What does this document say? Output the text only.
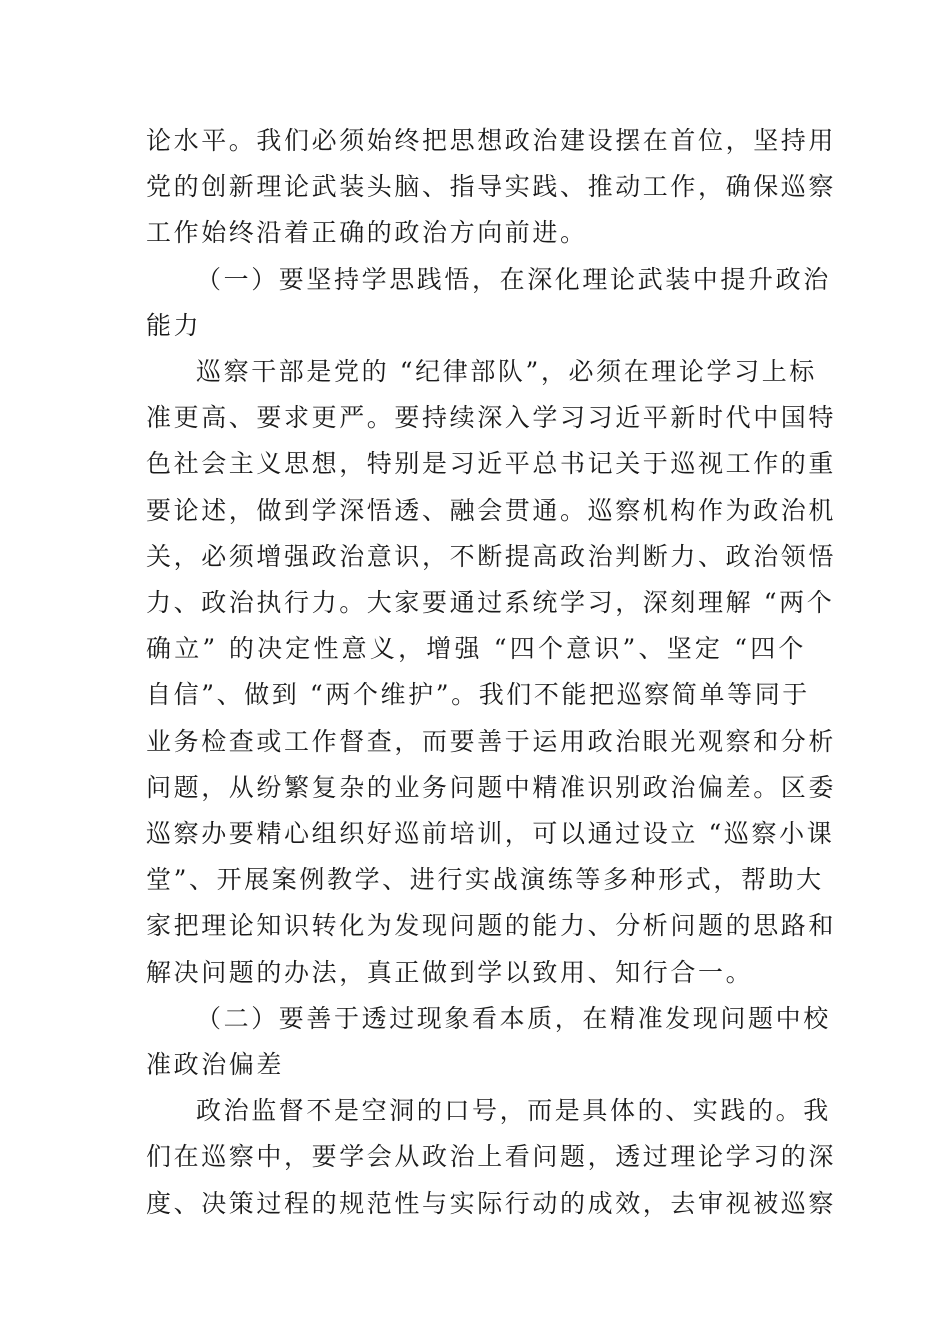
论水平。我们必须始终把思想政治建设摆在首位，坚持用
党的创新理论武装头脑、指导实践、推动工作，确保巡察
工作始终沿着正确的政治方向前进。
（一）要坚持学思践悟，在深化理论武装中提升政治
能力
巡察干部是党的 “纪律部队”，必须在理论学习上标
准更高、要求更严。要持续深入学习习近平新时代中国特
色社会主义思想，特别是习近平总书记关于巡视工作的重
要论述，做到学深悟透、融会贯通。巡察机构作为政治机
关，必须增强政治意识，不断提高政治判断力、政治领悟
力、政治执行力。大家要通过系统学习，深刻理解 “两个
确立” 的决定性意义，增强 “四个意识”、坚定 “四个
自信”、做到 “两个维护”。我们不能把巡察简单等同于
业务检查或工作督查，而要善于运用政治眼光观察和分析
问题，从纷繁复杂的业务问题中精准识别政治偏差。区委
巡察办要精心组织好巡前培训，可以通过设立 “巡察小课
堂”、开展案例教学、进行实战演练等多种形式，帮助大
家把理论知识转化为发现问题的能力、分析问题的思路和
解决问题的办法，真正做到学以致用、知行合一。
（二）要善于透过现象看本质，在精准发现问题中校
准政治偏差
政治监督不是空洞的口号，而是具体的、实践的。我
们在巡察中，要学会从政治上看问题，透过理论学习的深
度、决策过程的规范性与实际行动的成效，去审视被巡察
